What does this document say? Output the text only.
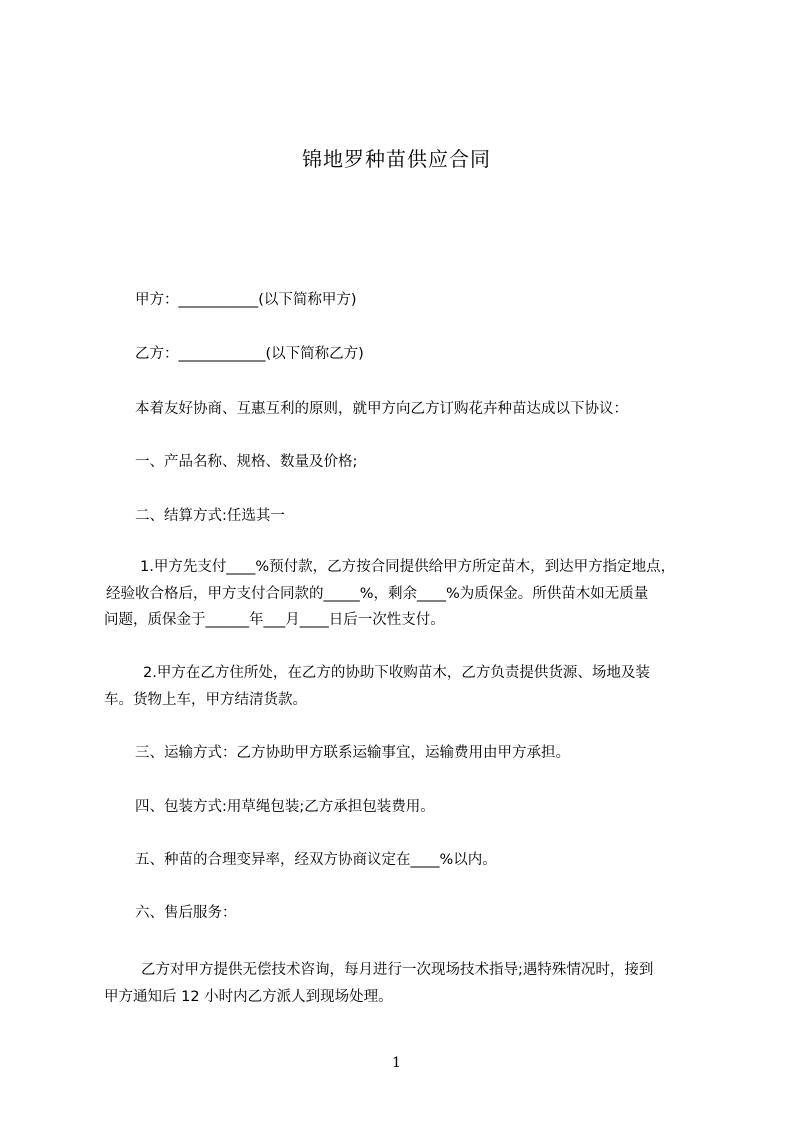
锦地罗种苗供应合同
甲方：___________(以下简称甲方)
乙方：____________(以下简称乙方)
本着友好协商、互惠互利的原则，就甲方向乙方订购花卉种苗达成以下协议：
一、产品名称、规格、数量及价格;
二、结算方式:任选其一
1.甲方先支付____%预付款，乙方按合同提供给甲方所定苗木，到达甲方指定地点，
经验收合格后，甲方支付合同款的_____%，剩余____%为质保金。所供苗木如无质量
问题，质保金于______年___月____日后一次性支付。
2.甲方在乙方住所处，在乙方的协助下收购苗木，乙方负责提供货源、场地及装
车。货物上车，甲方结清货款。
三、运输方式：乙方协助甲方联系运输事宜，运输费用由甲方承担。
四、包装方式:用草绳包装;乙方承担包装费用。
五、种苗的合理变异率，经双方协商议定在____%以内。
六、售后服务：
乙方对甲方提供无偿技术咨询，每月进行一次现场技术指导;遇特殊情况时，接到
甲方通知后 12 小时内乙方派人到现场处理。
1
